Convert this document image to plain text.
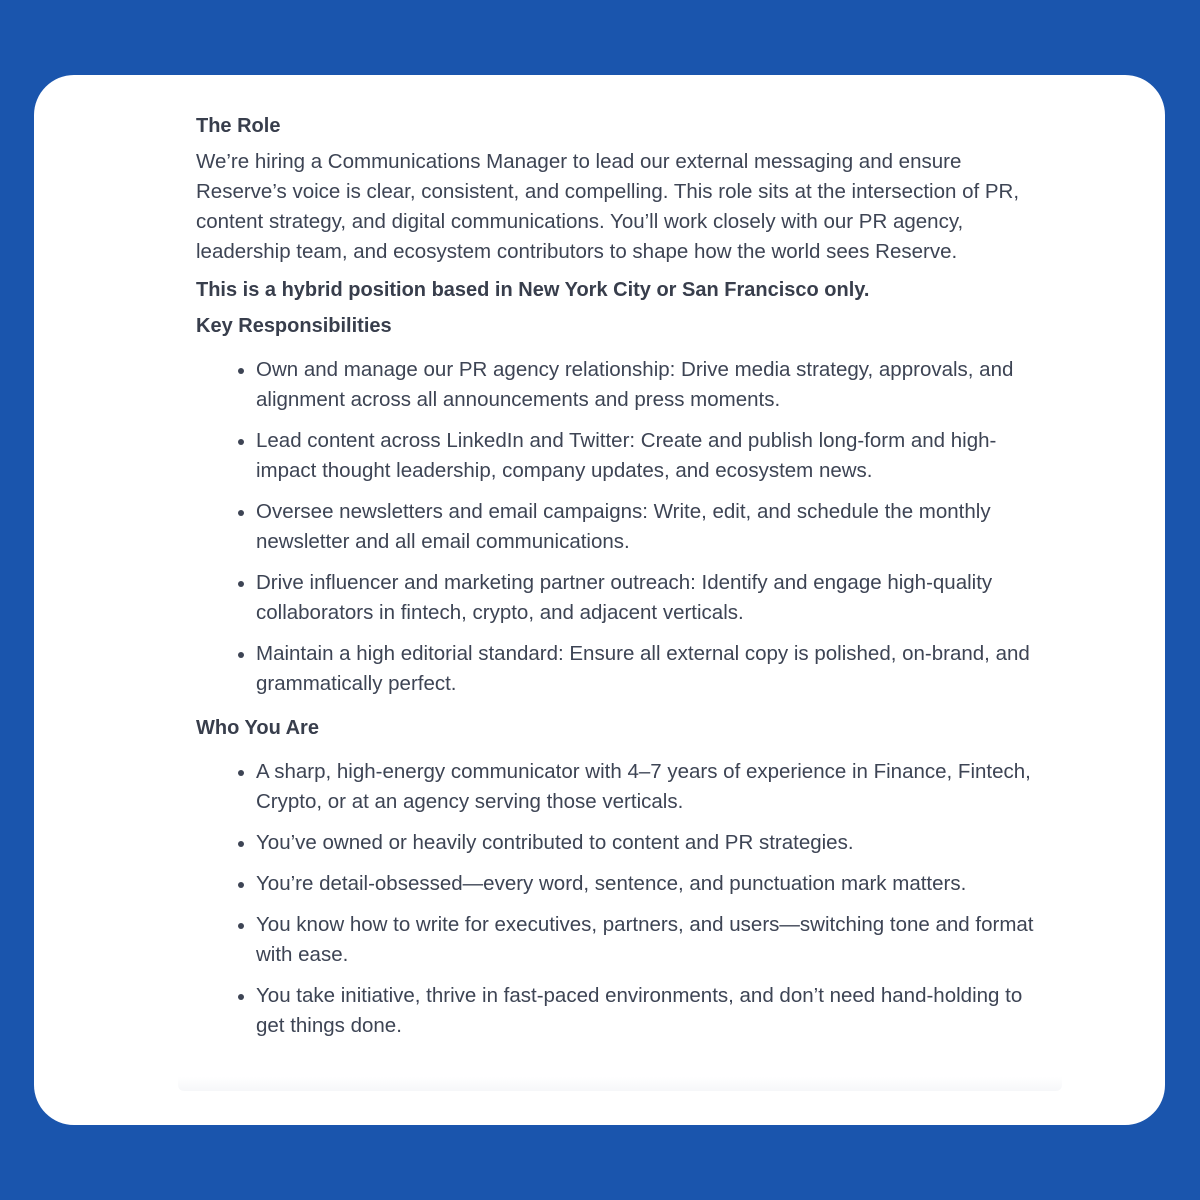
The Role
We’re hiring a Communications Manager to lead our external messaging and ensure Reserve’s voice is clear, consistent, and compelling. This role sits at the intersection of PR, content strategy, and digital communications. You’ll work closely with our PR agency, leadership team, and ecosystem contributors to shape how the world sees Reserve.
This is a hybrid position based in New York City or San Francisco only.
Key Responsibilities
Own and manage our PR agency relationship: Drive media strategy, approvals, and alignment across all announcements and press moments.
Lead content across LinkedIn and Twitter: Create and publish long-form and high-impact thought leadership, company updates, and ecosystem news.
Oversee newsletters and email campaigns: Write, edit, and schedule the monthly newsletter and all email communications.
Drive influencer and marketing partner outreach: Identify and engage high-quality collaborators in fintech, crypto, and adjacent verticals.
Maintain a high editorial standard: Ensure all external copy is polished, on-brand, and grammatically perfect.
Who You Are
A sharp, high-energy communicator with 4–7 years of experience in Finance, Fintech, Crypto, or at an agency serving those verticals.
You’ve owned or heavily contributed to content and PR strategies.
You’re detail-obsessed—every word, sentence, and punctuation mark matters.
You know how to write for executives, partners, and users—switching tone and format with ease.
You take initiative, thrive in fast-paced environments, and don’t need hand-holding to get things done.
